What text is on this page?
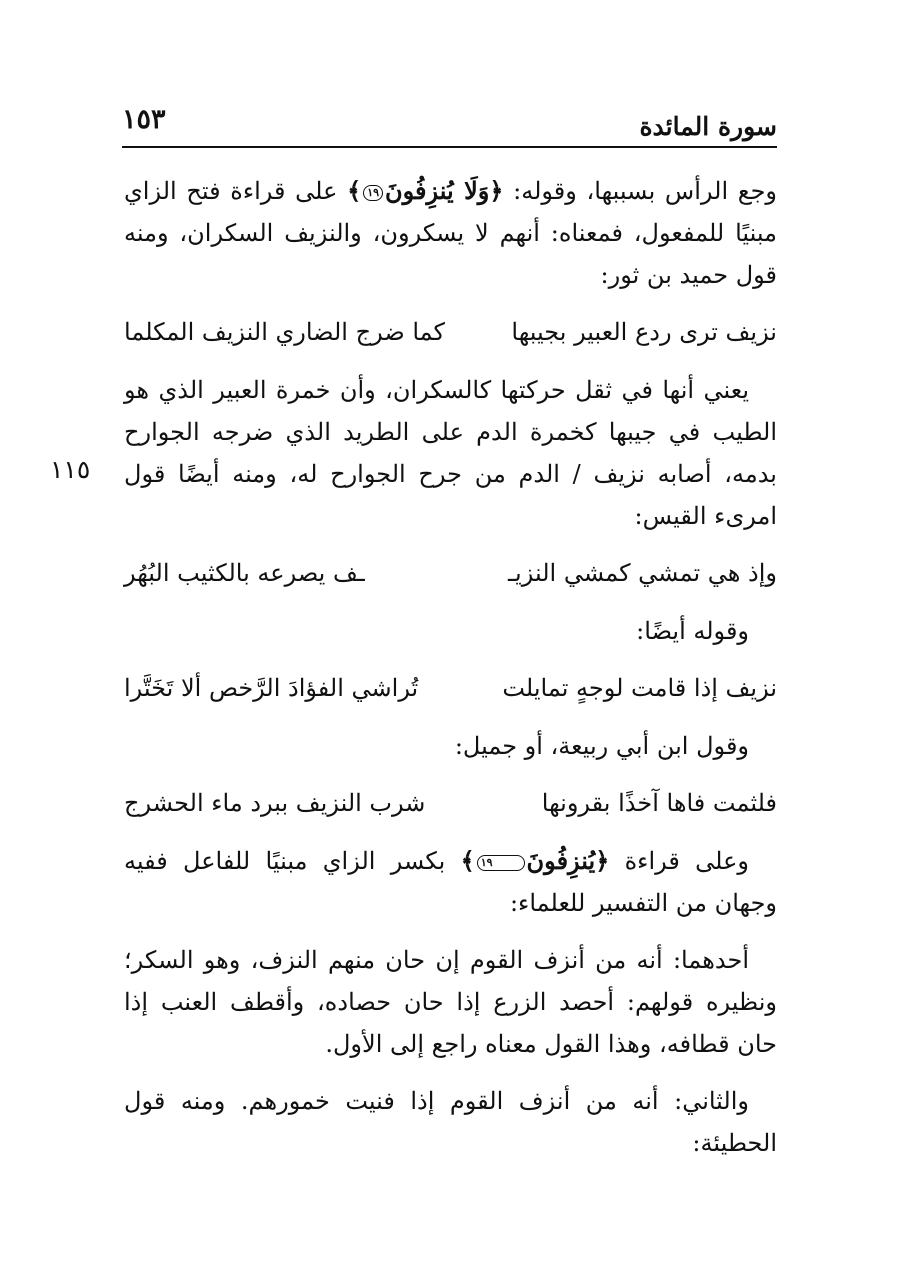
سورة المائدة
١٥٣
١١٥

وجع الرأس بسببها، وقوله: ﴿وَلَا يُنزِفُونَ١٩﴾ على قراءة فتح الزاي مبنيًا للمفعول، فمعناه: أنهم لا يسكرون، والنزيف السكران، ومنه قول حميد بن ثور:

نزيف ترى ردع العبير بجيبها
كما ضرج الضاري النزيف المكلما

يعني أنها في ثقل حركتها كالسكران، وأن خمرة العبير الذي هو الطيب في جيبها كخمرة الدم على الطريد الذي ضرجه الجوارح بدمه، أصابه نزيف / الدم من جرح الجوارح له، ومنه أيضًا قول امرىء القيس:

وإذ هي تمشي كمشي النزيـ
ـف يصرعه بالكثيب البُهُر

وقوله أيضًا:

نزيف إذا قامت لوجهٍ تمايلت
تُراشي الفؤادَ الرَّخص ألا تَخَتَّرا

وقول ابن أبي ربيعة، أو جميل:

فلثمت فاها آخذًا بقرونها
شرب النزيف ببرد ماء الحشرج

وعلى قراءة ﴿يُنزِفُونَ١٩﴾ بكسر الزاي مبنيًا للفاعل ففيه وجهان من التفسير للعلماء:

أحدهما: أنه من أنزف القوم إن حان منهم النزف، وهو السكر؛ ونظيره قولهم: أحصد الزرع إذا حان حصاده، وأقطف العنب إذا حان قطافه، وهذا القول معناه راجع إلى الأول.

والثاني: أنه من أنزف القوم إذا فنيت خمورهم. ومنه قول الحطيئة:
